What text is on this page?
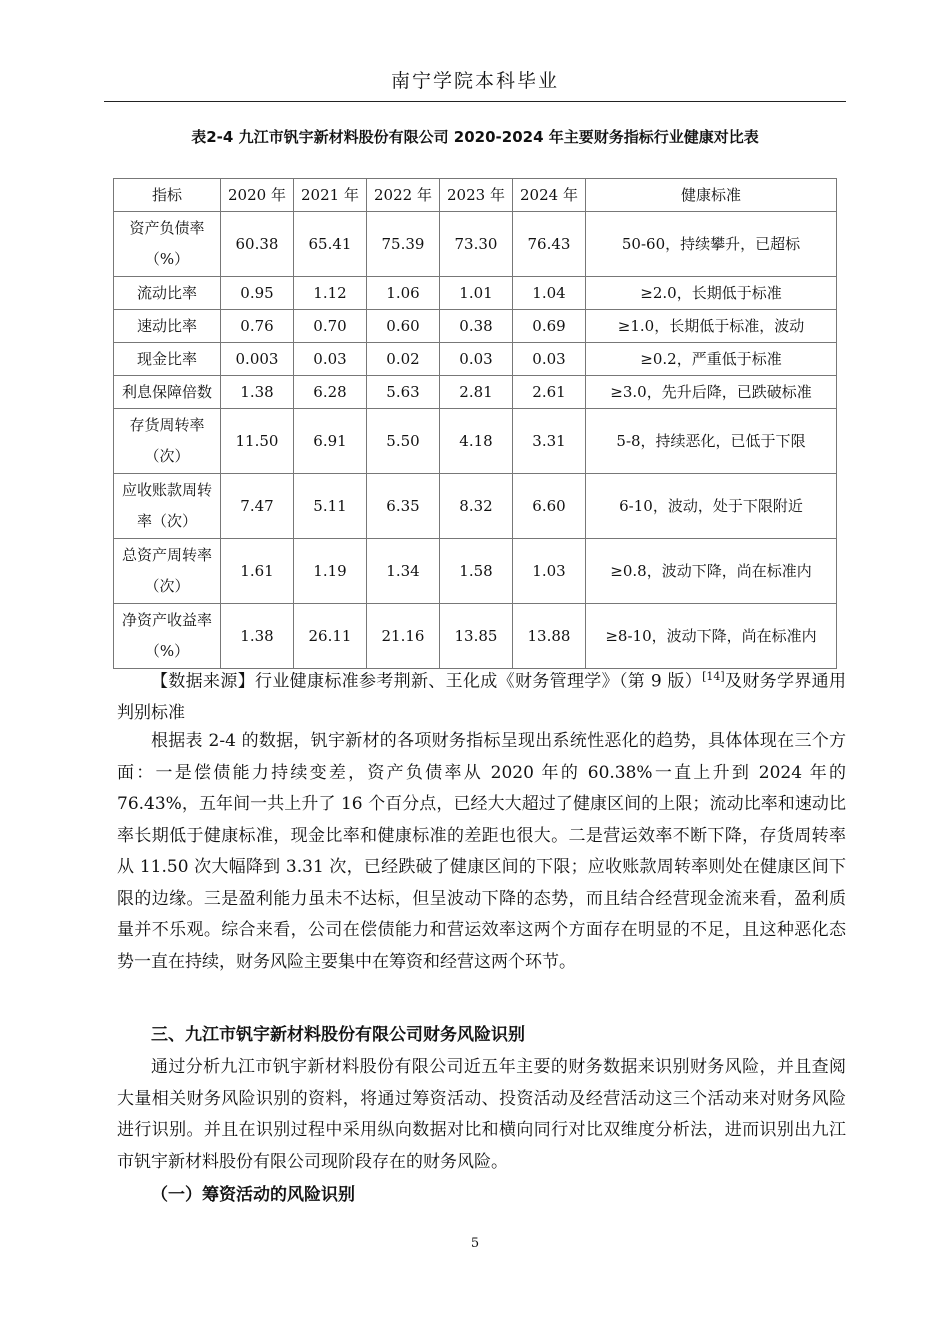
南宁学院本科毕业
表2-4 九江市钒宇新材料股份有限公司 2020-2024 年主要财务指标行业健康对比表
指标	2020 年	2021 年	2022 年	2023 年	2024 年	健康标准
资产负债率（%）	60.38	65.41	75.39	73.30	76.43	50-60，持续攀升，已超标
流动比率	0.95	1.12	1.06	1.01	1.04	≥2.0，长期低于标准
速动比率	0.76	0.70	0.60	0.38	0.69	≥1.0，长期低于标准，波动
现金比率	0.003	0.03	0.02	0.03	0.03	≥0.2，严重低于标准
利息保障倍数	1.38	6.28	5.63	2.81	2.61	≥3.0，先升后降，已跌破标准
存货周转率（次）	11.50	6.91	5.50	4.18	3.31	5-8，持续恶化，已低于下限
应收账款周转率（次）	7.47	5.11	6.35	8.32	6.60	6-10，波动，处于下限附近
总资产周转率（次）	1.61	1.19	1.34	1.58	1.03	≥0.8，波动下降，尚在标准内
净资产收益率（%）	1.38	26.11	21.16	13.85	13.88	≥8-10，波动下降，尚在标准内

【数据来源】行业健康标准参考荆新、王化成《财务管理学》（第 9 版）[14]及财务学界通用判别标准

根据表 2-4 的数据，钒宇新材的各项财务指标呈现出系统性恶化的趋势，具体体现在三个方面：一是偿债能力持续变差，资产负债率从 2020 年的 60.38%一直上升到 2024 年的 76.43%，五年间一共上升了 16 个百分点，已经大大超过了健康区间的上限；流动比率和速动比率长期低于健康标准，现金比率和健康标准的差距也很大。二是营运效率不断下降，存货周转率从 11.50 次大幅降到 3.31 次，已经跌破了健康区间的下限；应收账款周转率则处在健康区间下限的边缘。三是盈利能力虽未不达标，但呈波动下降的态势，而且结合经营现金流来看，盈利质量并不乐观。综合来看，公司在偿债能力和营运效率这两个方面存在明显的不足，且这种恶化态势一直在持续，财务风险主要集中在筹资和经营这两个环节。

三、九江市钒宇新材料股份有限公司财务风险识别

通过分析九江市钒宇新材料股份有限公司近五年主要的财务数据来识别财务风险，并且查阅大量相关财务风险识别的资料，将通过筹资活动、投资活动及经营活动这三个活动来对财务风险进行识别。并且在识别过程中采用纵向数据对比和横向同行对比双维度分析法，进而识别出九江市钒宇新材料股份有限公司现阶段存在的财务风险。

（一）筹资活动的风险识别
5
